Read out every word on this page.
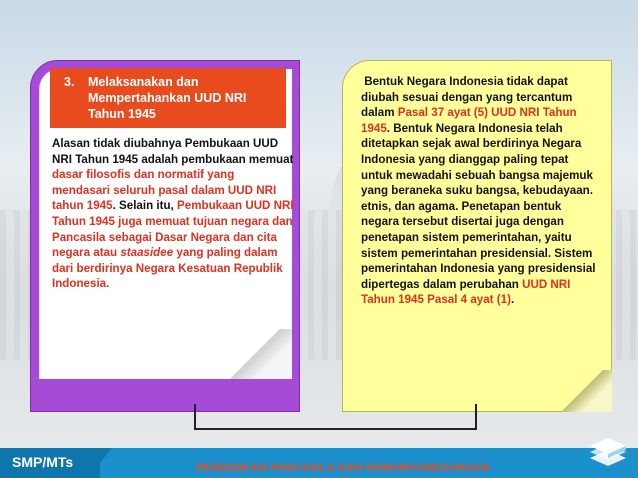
3. Melaksanakan dan Mempertahankan UUD NRI Tahun 1945
Alasan tidak diubahnya Pembukaan UUD NRI Tahun 1945 adalah pembukaan memuat dasar filosofis dan normatif yang mendasari seluruh pasal dalam UUD NRI tahun 1945. Selain itu, Pembukaan UUD NRI Tahun 1945 juga memuat tujuan negara dan Pancasila sebagai Dasar Negara dan cita negara atau staasidee yang paling dalam dari berdirinya Negara Kesatuan Republik Indonesia.
Bentuk Negara Indonesia tidak dapat diubah sesuai dengan yang tercantum dalam Pasal 37 ayat (5) UUD NRI Tahun 1945. Bentuk Negara Indonesia telah ditetapkan sejak awal berdirinya Negara Indonesia yang dianggap paling tepat untuk mewadahi sebuah bangsa majemuk yang beraneka suku bangsa, kebudayaan. etnis, dan agama. Penetapan bentuk negara tersebut disertai juga dengan penetapan sistem pemerintahan, yaitu sistem pemerintahan presidensial. Sistem pemerintahan Indonesia yang presidensial dipertegas dalam perubahan UUD NRI Tahun 1945 Pasal 4 ayat (1).
SMP/MTs	PENDIDIKAN PANCASILA DAN KEWARGANEGARAAN
